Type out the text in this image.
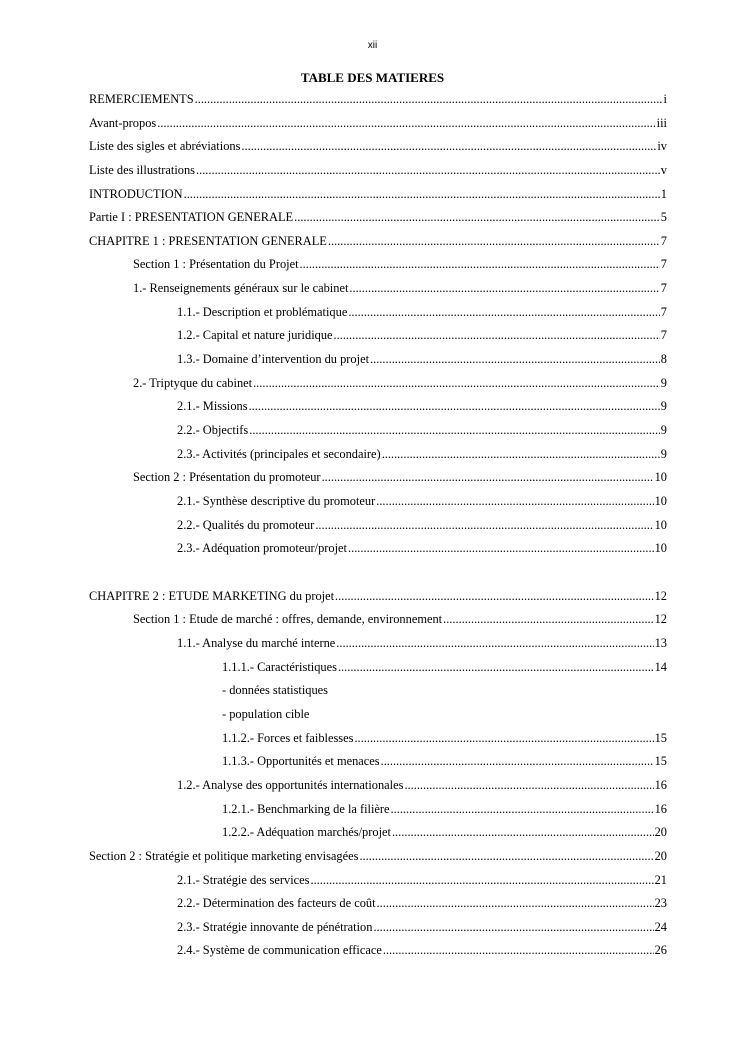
xii
TABLE DES MATIERES
REMERCIEMENTS .....	i
Avant-propos .....	iii
Liste des sigles et abréviations .....	iv
Liste des illustrations .....	v
INTRODUCTION .....	1
Partie I : PRESENTATION GENERALE .....	5
CHAPITRE 1 : PRESENTATION GENERALE .....	7
Section 1 : Présentation du Projet .....	7
1.- Renseignements généraux sur le cabinet .....	7
1.1.- Description et problématique .....	7
1.2.- Capital et nature juridique .....	7
1.3.- Domaine d’intervention du projet .....	8
2.- Triptyque du cabinet .....	9
2.1.- Missions .....	9
2.2.- Objectifs .....	9
2.3.- Activités (principales et secondaire) .....	9
Section 2 : Présentation du promoteur .....	10
2.1.- Synthèse descriptive du promoteur .....	10
2.2.- Qualités du promoteur .....	10
2.3.- Adéquation promoteur/projet .....	10
CHAPITRE 2 : ETUDE MARKETING du projet .....	12
Section 1 : Etude de marché : offres, demande, environnement .....	12
1.1.- Analyse du marché interne .....	13
1.1.1.- Caractéristiques .....	14
- données statistiques
- population cible
1.1.2.- Forces et faiblesses .....	15
1.1.3.- Opportunités et menaces .....	15
1.2.- Analyse des opportunités internationales .....	16
1.2.1.- Benchmarking de la filière .....	16
1.2.2.- Adéquation marchés/projet .....	20
Section 2 : Stratégie et politique marketing envisagées .....	20
2.1.- Stratégie des services .....	21
2.2.- Détermination des facteurs de coût .....	23
2.3.- Stratégie innovante de pénétration .....	24
2.4.- Système de communication efficace .....	26
